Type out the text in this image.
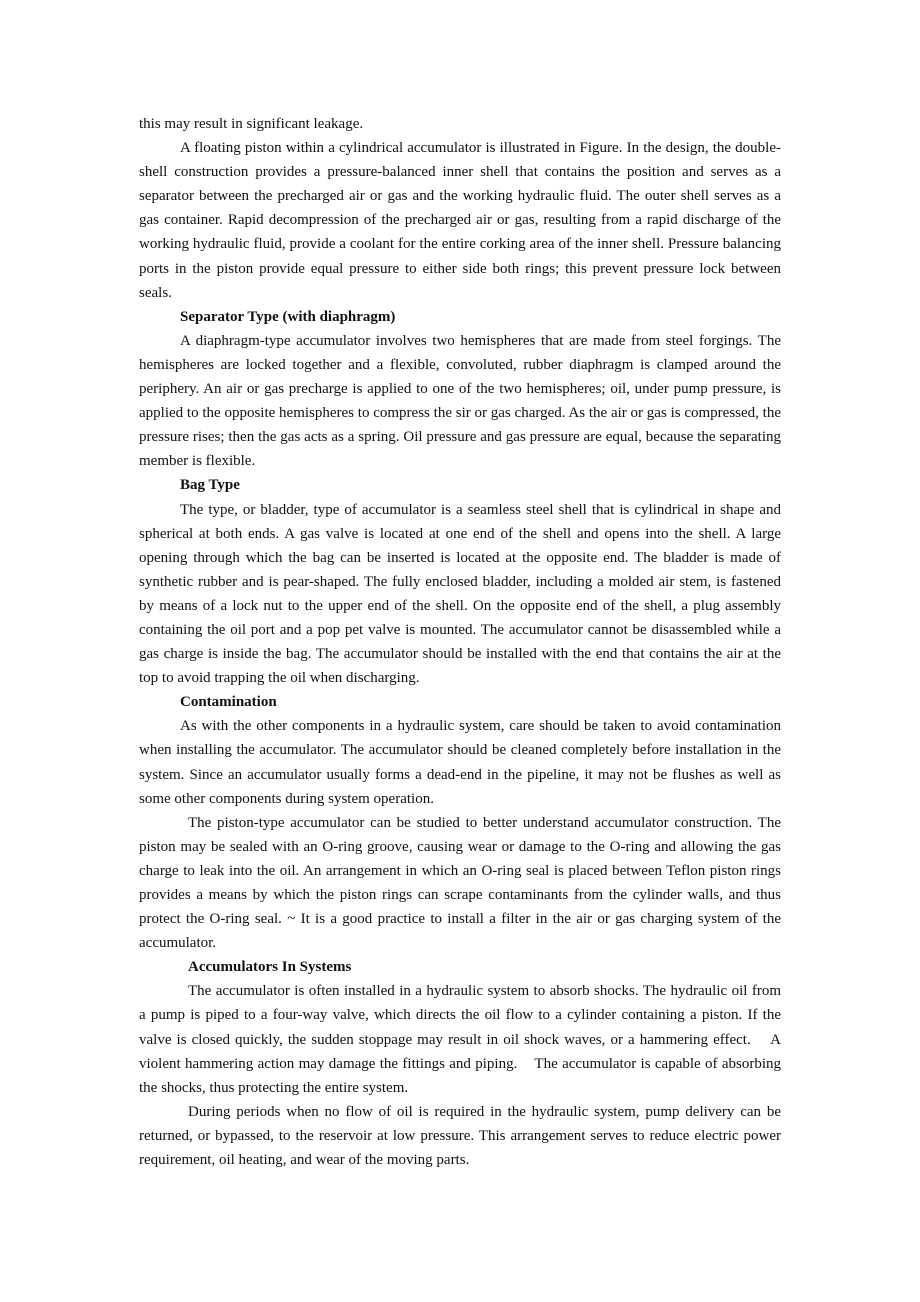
this may result in significant leakage.

A floating piston within a cylindrical accumulator is illustrated in Figure. In the design, the double-shell construction provides a pressure-balanced inner shell that contains the position and serves as a separator between the precharged air or gas and the working hydraulic fluid. The outer shell serves as a gas container. Rapid decompression of the precharged air or gas, resulting from a rapid discharge of the working hydraulic fluid, provide a coolant for the entire corking area of the inner shell. Pressure balancing ports in the piston provide equal pressure to either side both rings; this prevent pressure lock between seals.

Separator Type (with diaphragm)

A diaphragm-type accumulator involves two hemispheres that are made from steel forgings. The hemispheres are locked together and a flexible, convoluted, rubber diaphragm is clamped around the periphery. An air or gas precharge is applied to one of the two hemispheres; oil, under pump pressure, is applied to the opposite hemispheres to compress the sir or gas charged. As the air or gas is compressed, the pressure rises; then the gas acts as a spring. Oil pressure and gas pressure are equal, because the separating member is flexible.

Bag Type

The type, or bladder, type of accumulator is a seamless steel shell that is cylindrical in shape and spherical at both ends. A gas valve is located at one end of the shell and opens into the shell. A large opening through which the bag can be inserted is located at the opposite end. The bladder is made of synthetic rubber and is pear-shaped. The fully enclosed bladder, including a molded air stem, is fastened by means of a lock nut to the upper end of the shell. On the opposite end of the shell, a plug assembly containing the oil port and a pop pet valve is mounted. The accumulator cannot be disassembled while a gas charge is inside the bag. The accumulator should be installed with the end that contains the air at the top to avoid trapping the oil when discharging.

Contamination

As with the other components in a hydraulic system, care should be taken to avoid contamination when installing the accumulator. The accumulator should be cleaned completely before installation in the system. Since an accumulator usually forms a dead-end in the pipeline, it may not be flushes as well as some other components during system operation.

The piston-type accumulator can be studied to better understand accumulator construction. The piston may be sealed with an O-ring groove, causing wear or damage to the O-ring and allowing the gas charge to leak into the oil. An arrangement in which an O-ring seal is placed between Teflon piston rings provides a means by which the piston rings can scrape contaminants from the cylinder walls, and thus protect the O-ring seal. ~ It is a good practice to install a filter in the air or gas charging system of the accumulator.

Accumulators In Systems

The accumulator is often installed in a hydraulic system to absorb shocks. The hydraulic oil from a pump is piped to a four-way valve, which directs the oil flow to a cylinder containing a piston. If the valve is closed quickly, the sudden stoppage may result in oil shock waves, or a hammering effect.    A violent hammering action may damage the fittings and piping.    The accumulator is capable of absorbing the shocks, thus protecting the entire system.

During periods when no flow of oil is required in the hydraulic system, pump delivery can be returned, or bypassed, to the reservoir at low pressure. This arrangement serves to reduce electric power requirement, oil heating, and wear of the moving parts.
